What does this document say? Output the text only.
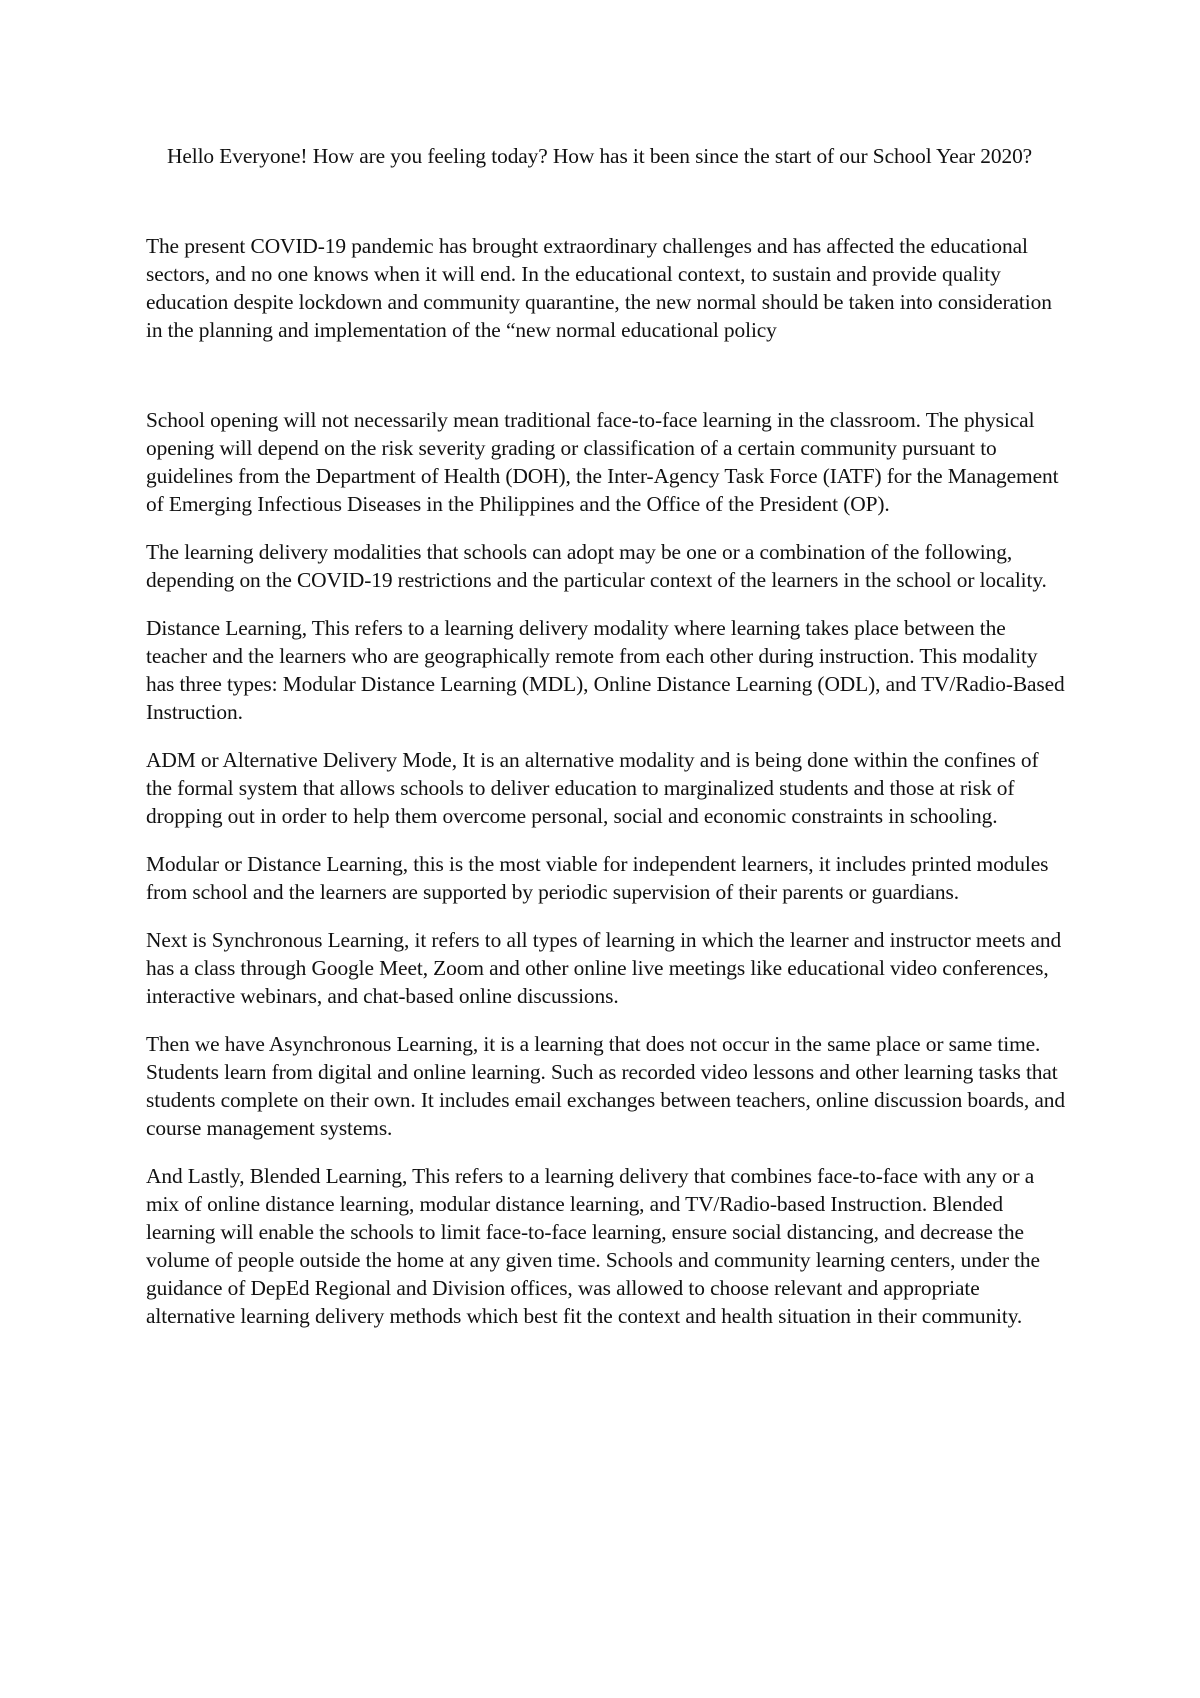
Hello Everyone! How are you feeling today? How has it been since the start of our School Year 2020?

The present COVID-19 pandemic has brought extraordinary challenges and has affected the educational sectors, and no one knows when it will end. In the educational context, to sustain and provide quality education despite lockdown and community quarantine, the new normal should be taken into consideration in the planning and implementation of the “new normal educational policy

School opening will not necessarily mean traditional face-to-face learning in the classroom. The physical opening will depend on the risk severity grading or classification of a certain community pursuant to guidelines from the Department of Health (DOH), the Inter-Agency Task Force (IATF) for the Management of Emerging Infectious Diseases in the Philippines and the Office of the President (OP).

The learning delivery modalities that schools can adopt may be one or a combination of the following, depending on the COVID-19 restrictions and the particular context of the learners in the school or locality.

Distance Learning, This refers to a learning delivery modality where learning takes place between the teacher and the learners who are geographically remote from each other during instruction. This modality has three types: Modular Distance Learning (MDL), Online Distance Learning (ODL), and TV/Radio-Based Instruction.

ADM or Alternative Delivery Mode, It is an alternative modality and is being done within the confines of the formal system that allows schools to deliver education to marginalized students and those at risk of dropping out in order to help them overcome personal, social and economic constraints in schooling.

Modular or Distance Learning, this is the most viable for independent learners, it includes printed modules from school and the learners are supported by periodic supervision of their parents or guardians.

Next is Synchronous Learning, it refers to all types of learning in which the learner and instructor meets and has a class through Google Meet, Zoom and other online live meetings like educational video conferences, interactive webinars, and chat-based online discussions.

Then we have Asynchronous Learning, it is a learning that does not occur in the same place or same time. Students learn from digital and online learning. Such as recorded video lessons and other learning tasks that students complete on their own. It includes email exchanges between teachers, online discussion boards, and course management systems.

And Lastly, Blended Learning, This refers to a learning delivery that combines face-to-face with any or a mix of online distance learning, modular distance learning, and TV/Radio-based Instruction. Blended learning will enable the schools to limit face-to-face learning, ensure social distancing, and decrease the volume of people outside the home at any given time. Schools and community learning centers, under the guidance of DepEd Regional and Division offices, was allowed to choose relevant and appropriate alternative learning delivery methods which best fit the context and health situation in their community.
